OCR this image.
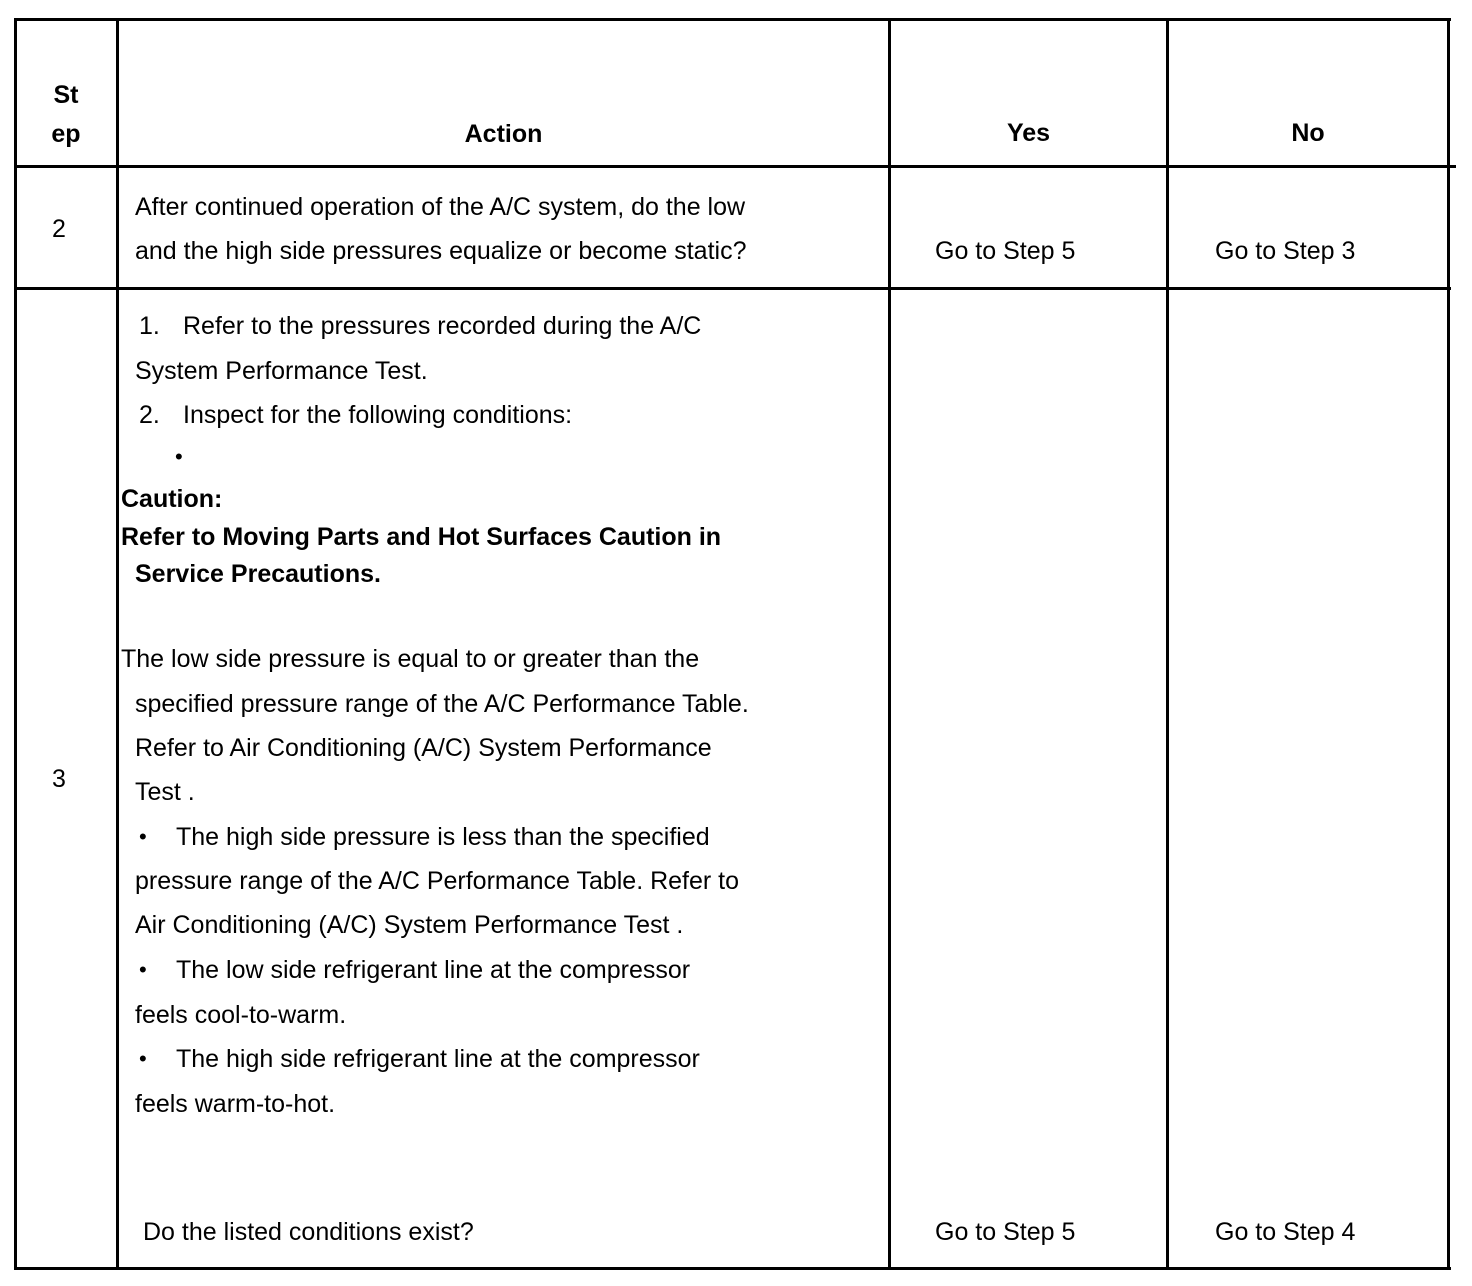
St
ep	Action	Yes	No
2
After continued operation of the A/C system, do the low
and the high side pressures equalize or become static?	Go to Step 5	Go to Step 3
3
1. Refer to the pressures recorded during the A/C
System Performance Test.
2. Inspect for the following conditions:
•
Caution:
Refer to Moving Parts and Hot Surfaces Caution in
Service Precautions.
The low side pressure is equal to or greater than the
specified pressure range of the A/C Performance Table.
Refer to Air Conditioning (A/C) System Performance
Test .
• The high side pressure is less than the specified
pressure range of the A/C Performance Table. Refer to
Air Conditioning (A/C) System Performance Test .
• The low side refrigerant line at the compressor
feels cool-to-warm.
• The high side refrigerant line at the compressor
feels warm-to-hot.
Do the listed conditions exist?	Go to Step 5	Go to Step 4
